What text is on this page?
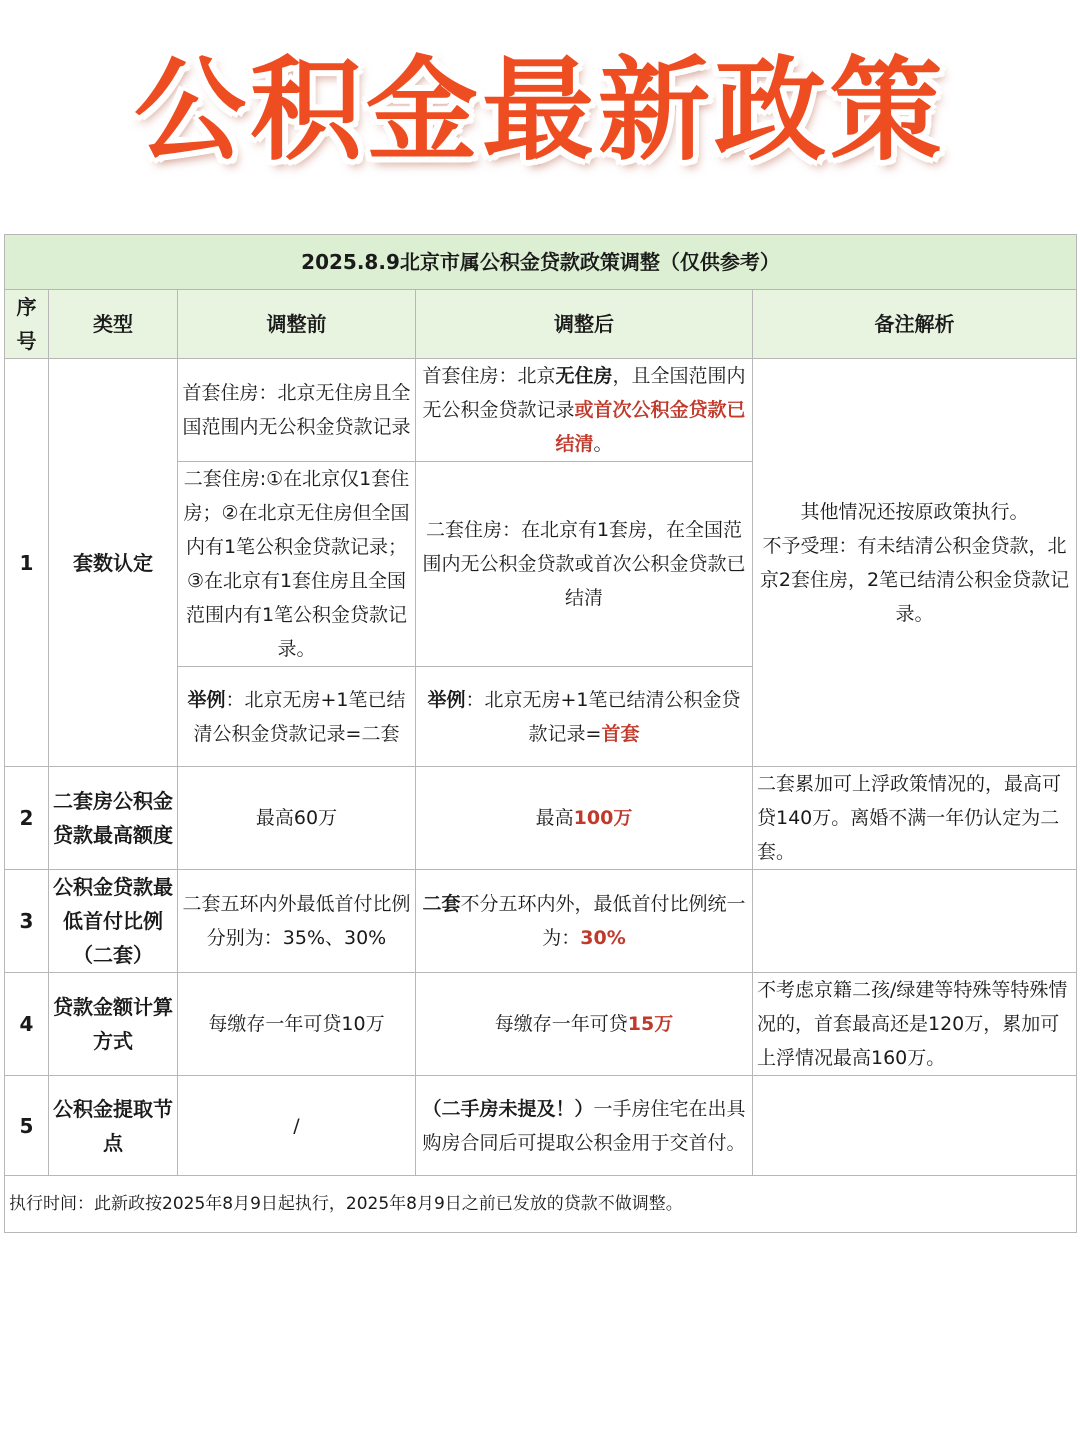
公积金最新政策
2025.8.9北京市属公积金贷款政策调整（仅供参考）				
序号	类型	调整前	调整后	备注解析
1	套数认定	首套住房：北京无住房且全国范围内无公积金贷款记录	首套住房：北京无住房，且全国范围内无公积金贷款记录或首次公积金贷款已结清。	其他情况还按原政策执行。
不予受理：有未结清公积金贷款，北京2套住房，2笔已结清公积金贷款记录。

		二套住房:①在北京仅1套住房；②在北京无住房但全国内有1笔公积金贷款记录；③在北京有1套住房且全国范围内有1笔公积金贷款记录。	二套住房：在北京有1套房，在全国范围内无公积金贷款或首次公积金贷款已结清	
		举例：北京无房+1笔已结清公积金贷款记录=二套	举例：北京无房+1笔已结清公积金贷款记录=首套	
2	二套房公积金贷款最高额度	最高60万	最高100万	二套累加可上浮政策情况的，最高可贷140万。离婚不满一年仍认定为二套。
3	公积金贷款最低首付比例（二套）	二套五环内外最低首付比例分别为：35%、30%	二套不分五环内外，最低首付比例统一为：30%	
4	贷款金额计算方式	每缴存一年可贷10万	每缴存一年可贷15万	不考虑京籍二孩/绿建等特殊等特殊情况的，首套最高还是120万，累加可上浮情况最高160万。
5	公积金提取节点	/	（二手房未提及！）一手房住宅在出具购房合同后可提取公积金用于交首付。	
执行时间：此新政按2025年8月9日起执行，2025年8月9日之前已发放的贷款不做调整。				
